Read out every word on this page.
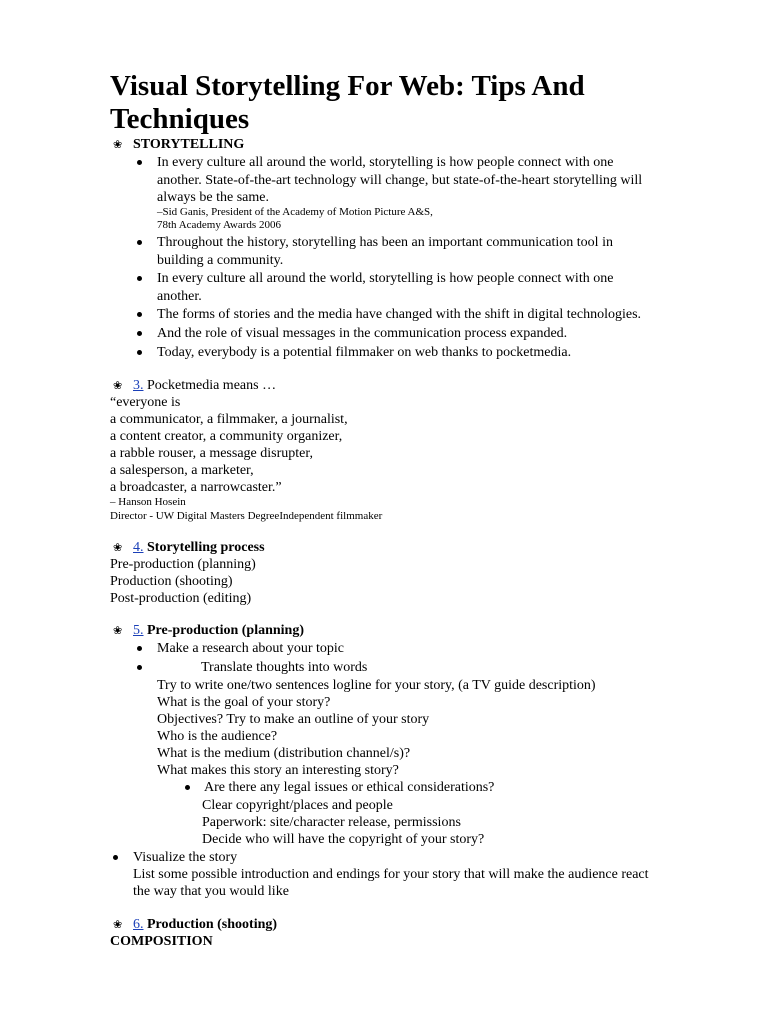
Visual Storytelling For Web: Tips And Techniques
❀ STORYTELLING
In every culture all around the world, storytelling is how people connect with one
another. State-of-the-art technology will change, but state-of-the-heart storytelling will
always be the same.
–Sid Ganis, President of the Academy of Motion Picture A&S,
78th Academy Awards 2006
Throughout the history, storytelling has been an important communication tool in
building a community.
In every culture all around the world, storytelling is how people connect with one
another.
The forms of stories and the media have changed with the shift in digital technologies.
And the role of visual messages in the communication process expanded.
Today, everybody is a potential filmmaker on web thanks to pocketmedia.
❀ 3. Pocketmedia means …
“everyone is
a communicator, a filmmaker, a journalist,
a content creator, a community organizer,
a rabble rouser, a message disrupter,
a salesperson, a marketer,
a broadcaster, a narrowcaster.”
– Hanson Hosein
Director - UW Digital Masters DegreeIndependent filmmaker
❀ 4. Storytelling process
Pre-production (planning)
Production (shooting)
Post-production (editing)
❀ 5. Pre-production (planning)
Make a research about your topic
Translate thoughts into words
Try to write one/two sentences logline for your story, (a TV guide description)
What is the goal of your story?
Objectives? Try to make an outline of your story
Who is the audience?
What is the medium (distribution channel/s)?
What makes this story an interesting story?
Are there any legal issues or ethical considerations?
Clear copyright/places and people
Paperwork: site/character release, permissions
Decide who will have the copyright of your story?
Visualize the story
List some possible introduction and endings for your story that will make the audience react
the way that you would like
❀ 6. Production (shooting)
COMPOSITION
